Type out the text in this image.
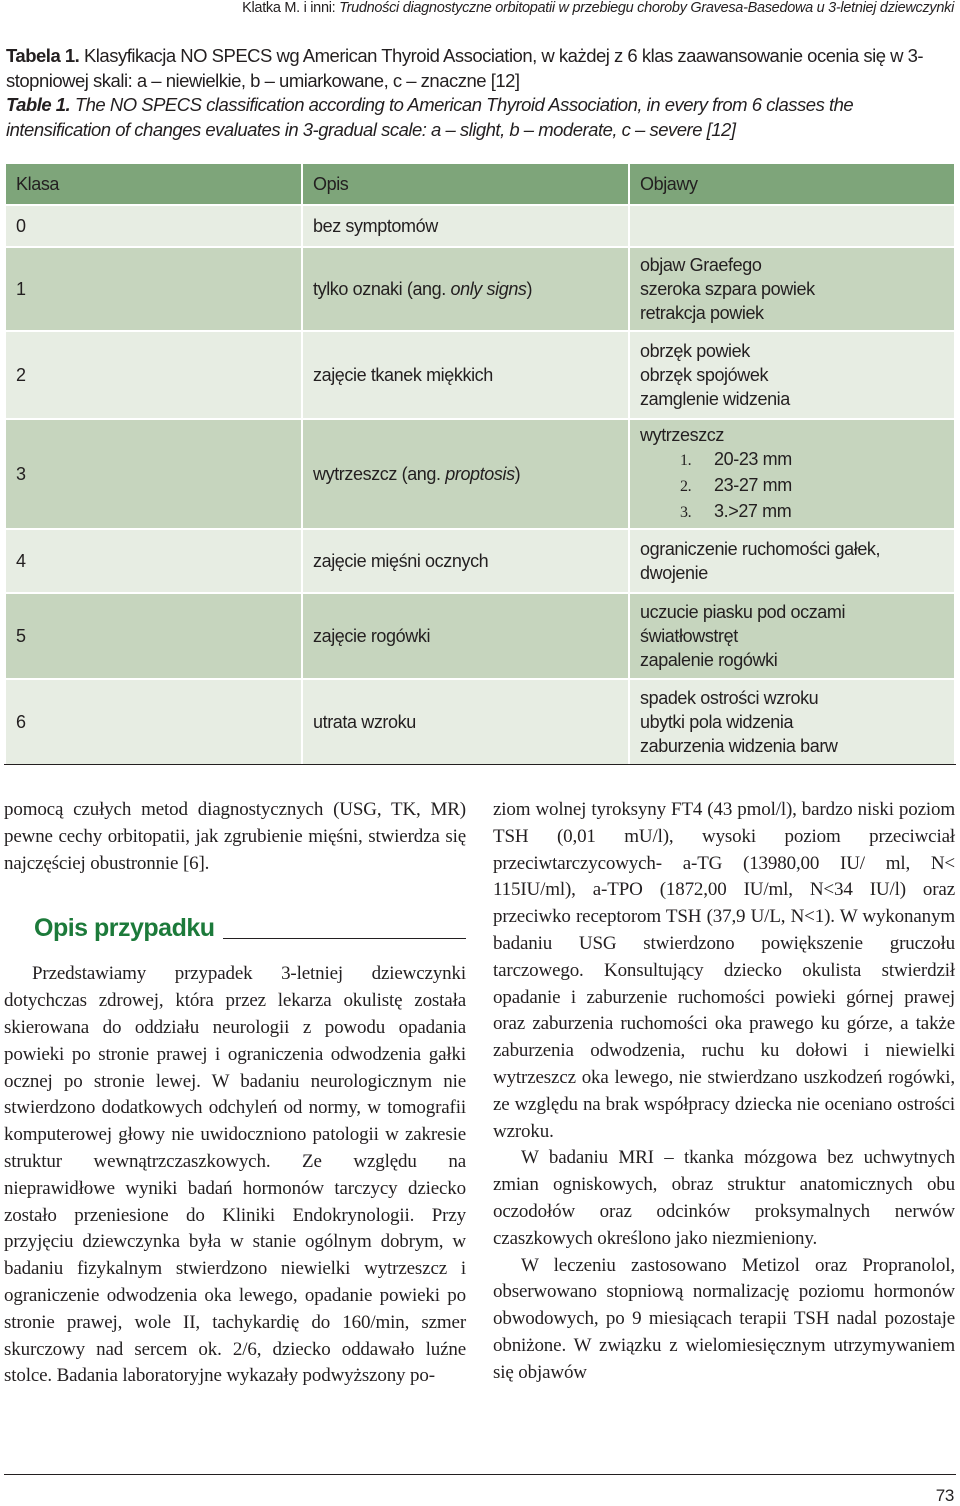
Klatka M. i inni: Trudności diagnostyczne orbitopatii w przebiegu choroby Gravesa-Basedowa u 3-letniej dziewczynki
Tabela 1. Klasyfikacja NO SPECS wg American Thyroid Association, w każdej z 6 klas zaawansowanie ocenia się w 3-stopniowej skali: a – niewielkie, b – umiarkowane, c – znaczne [12]
Table 1. The NO SPECS classification according to American Thyroid Association, in every from 6 classes the intensification of changes evaluates in 3-gradual scale: a – slight, b – moderate, c – severe [12]
Klasa	Opis	Objawy
0	bez symptomów	
1	tylko oznaki (ang. only signs)	objaw Graefego
szeroka szpara powiek
retrakcja powiek

2	zajęcie tkanek miękkich	obrzęk powiek
obrzęk spojówek
zamglenie widzenia

3	wytrzeszcz (ang. proptosis)	wytrzeszcz
1. 20-23 mm
2. 23-27 mm
3. 3.>27 mm

4	zajęcie mięśni ocznych	ograniczenie ruchomości gałek,
dwojenie

5	zajęcie rogówki	uczucie piasku pod oczami
światłowstręt
zapalenie rogówki

6	utrata wzroku	spadek ostrości wzroku
ubytki pola widzenia
zaburzenia widzenia barw

pomocą czułych metod diagnostycznych (USG, TK, MR) pewne cechy orbitopatii, jak zgrubienie mięśni, stwierdza się najczęściej obustronnie [6].

Opis przypadku

Przedstawiamy przypadek 3-letniej dziewczynki dotychczas zdrowej, która przez lekarza okulistę została skierowana do oddziału neurologii z powodu opadania powieki po stronie prawej i ograniczenia odwodzenia gałki ocznej po stronie lewej. W badaniu neurologicznym nie stwierdzono dodatkowych odchyleń od normy, w tomografii komputerowej głowy nie uwidoczniono patologii w zakresie struktur wewnątrzczaszkowych. Ze względu na nieprawidłowe wyniki badań hormonów tarczycy dziecko zostało przeniesione do Kliniki Endokrynologii. Przy przyjęciu dziewczynka była w stanie ogólnym dobrym, w badaniu fizykalnym stwierdzono niewielki wytrzeszcz i ograniczenie odwodzenia oka lewego, opadanie powieki po stronie prawej, wole II, tachykardię do 160/min, szmer skurczowy nad sercem ok. 2/6, dziecko oddawało luźne stolce. Badania laboratoryjne wykazały podwyższony po-

ziom wolnej tyroksyny FT4 (43 pmol/l), bardzo niski poziom TSH (0,01 mU/l), wysoki poziom przeciwciał przeciwtarczycowych- a-TG (13980,00 IU/ ml, N< 115IU/ml), a-TPO (1872,00 IU/ml, N<34 IU/l) oraz przeciwko receptorom TSH (37,9 U/L, N<1). W wykonanym badaniu USG stwierdzono powiększenie gruczołu tarczowego. Konsultujący dziecko okulista stwierdził opadanie i zaburzenie ruchomości powieki górnej prawej oraz zaburzenia ruchomości oka prawego ku górze, a także zaburzenia odwodzenia, ruchu ku dołowi i niewielki wytrzeszcz oka lewego, nie stwierdzano uszkodzeń rogówki, ze względu na brak współpracy dziecka nie oceniano ostrości wzroku.

W badaniu MRI – tkanka mózgowa bez uchwytnych zmian ogniskowych, obraz struktur anatomicznych obu oczodołów oraz odcinków proksymalnych nerwów czaszkowych określono jako niezmieniony.

W leczeniu zastosowano Metizol oraz Propranolol, obserwowano stopniową normalizację poziomu hormonów obwodowych, po 9 miesiącach terapii TSH nadal pozostaje obniżone. W związku z wielomiesięcznym utrzymywaniem się objawów

73
